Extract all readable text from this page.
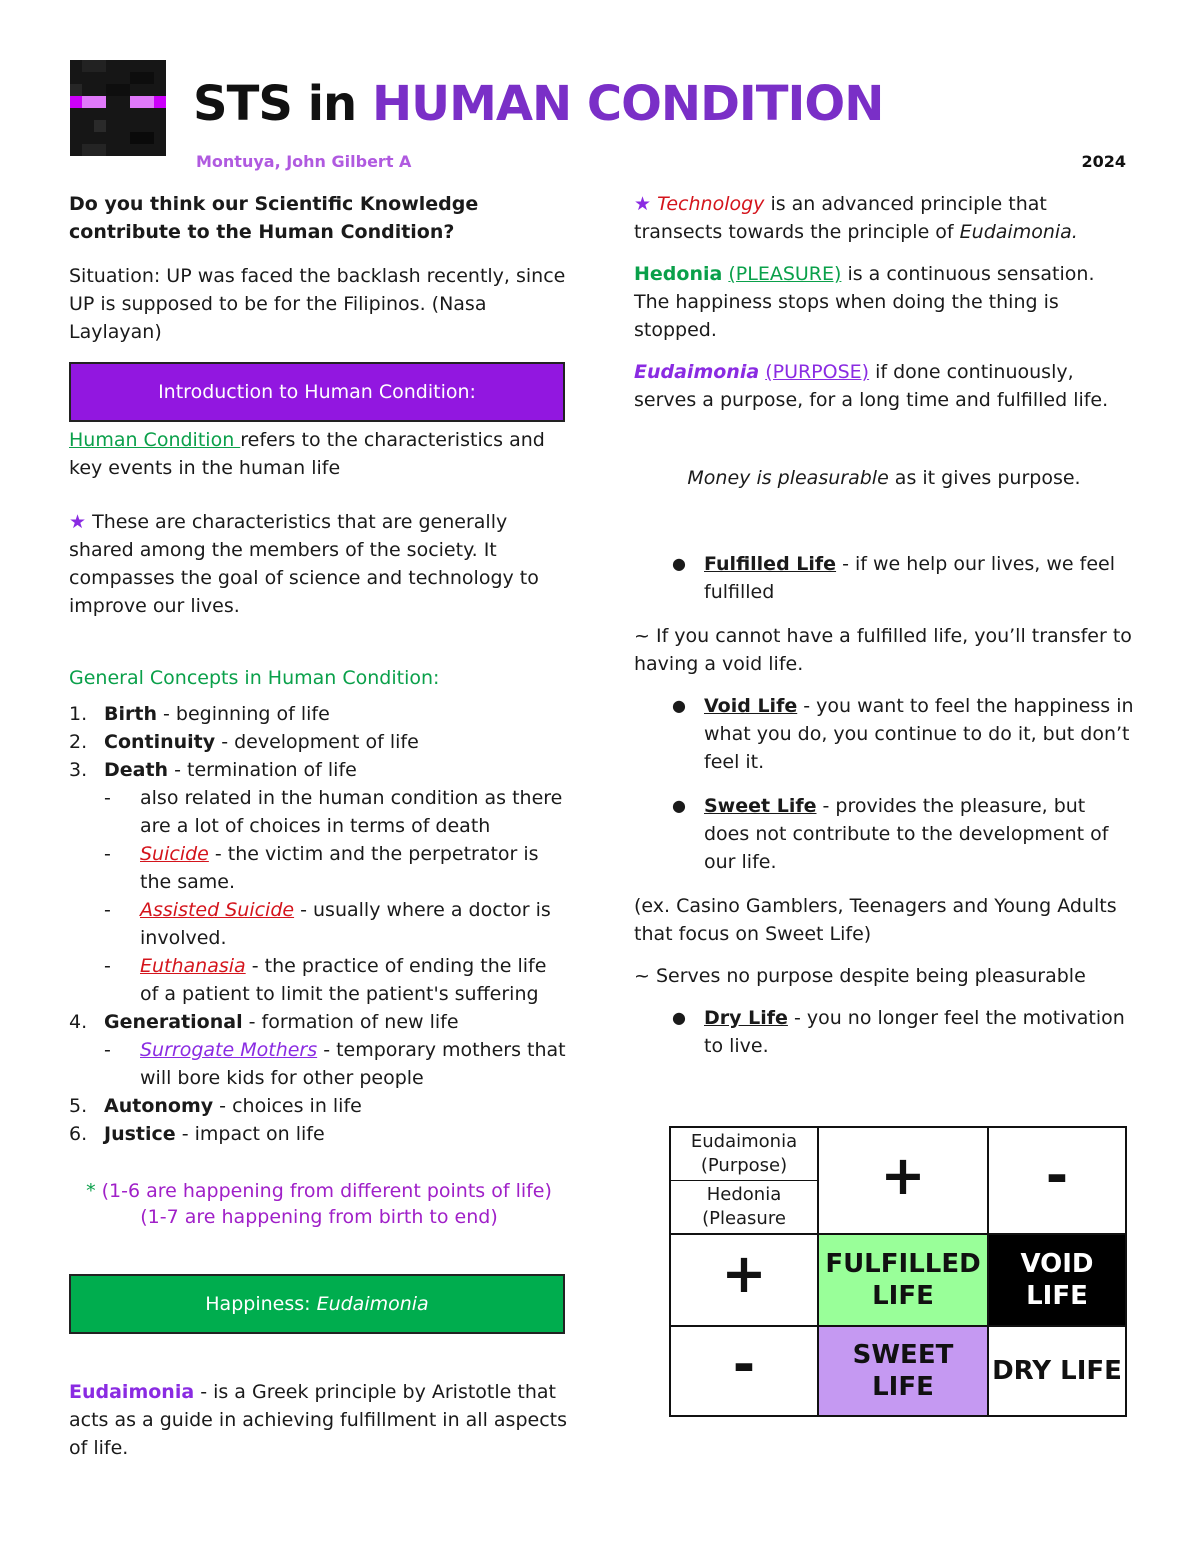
STS in HUMAN CONDITION
Montuya, John Gilbert A	2024

Do you think our Scientific Knowledge contribute to the Human Condition?

Situation: UP was faced the backlash recently, since UP is supposed to be for the Filipinos. (Nasa Laylayan)

Introduction to Human Condition:

Human Condition refers to the characteristics and key events in the human life

★ These are characteristics that are generally shared among the members of the society. It compasses the goal of science and technology to improve our lives.

General Concepts in Human Condition:

1. Birth - beginning of life
2. Continuity - development of life
3. Death - termination of life
- also related in the human condition as there are a lot of choices in terms of death
- Suicide - the victim and the perpetrator is the same.
- Assisted Suicide - usually where a doctor is involved.
- Euthanasia - the practice of ending the life of a patient to limit the patient's suffering
4. Generational - formation of new life
- Surrogate Mothers - temporary mothers that will bore kids for other people
5. Autonomy - choices in life
6. Justice - impact on life
* (1-6 are happening from different points of life)
(1-7 are happening from birth to end)
Happiness: Eudaimonia

Eudaimonia - is a Greek principle by Aristotle that acts as a guide in achieving fulfillment in all aspects of life.

★ Technology is an advanced principle that transects towards the principle of Eudaimonia.

Hedonia (PLEASURE) is a continuous sensation. The happiness stops when doing the thing is stopped.

Eudaimonia (PURPOSE) if done continuously, serves a purpose, for a long time and fulfilled life.

Money is pleasurable as it gives purpose.

● Fulfilled Life - if we help our lives, we feel fulfilled

~ If you cannot have a fulfilled life, you’ll transfer to having a void life.

● Void Life - you want to feel the happiness in what you do, you continue to do it, but don’t feel it.
● Sweet Life - provides the pleasure, but does not contribute to the development of our life.

(ex. Casino Gamblers, Teenagers and Young Adults that focus on Sweet Life)

~ Serves no purpose despite being pleasurable

● Dry Life - you no longer feel the motivation to live.
Eudaimonia (Purpose)
Hedonia (Pleasure	+	-
+	FULFILLED LIFE	VOID LIFE
-	SWEET LIFE	DRY LIFE
